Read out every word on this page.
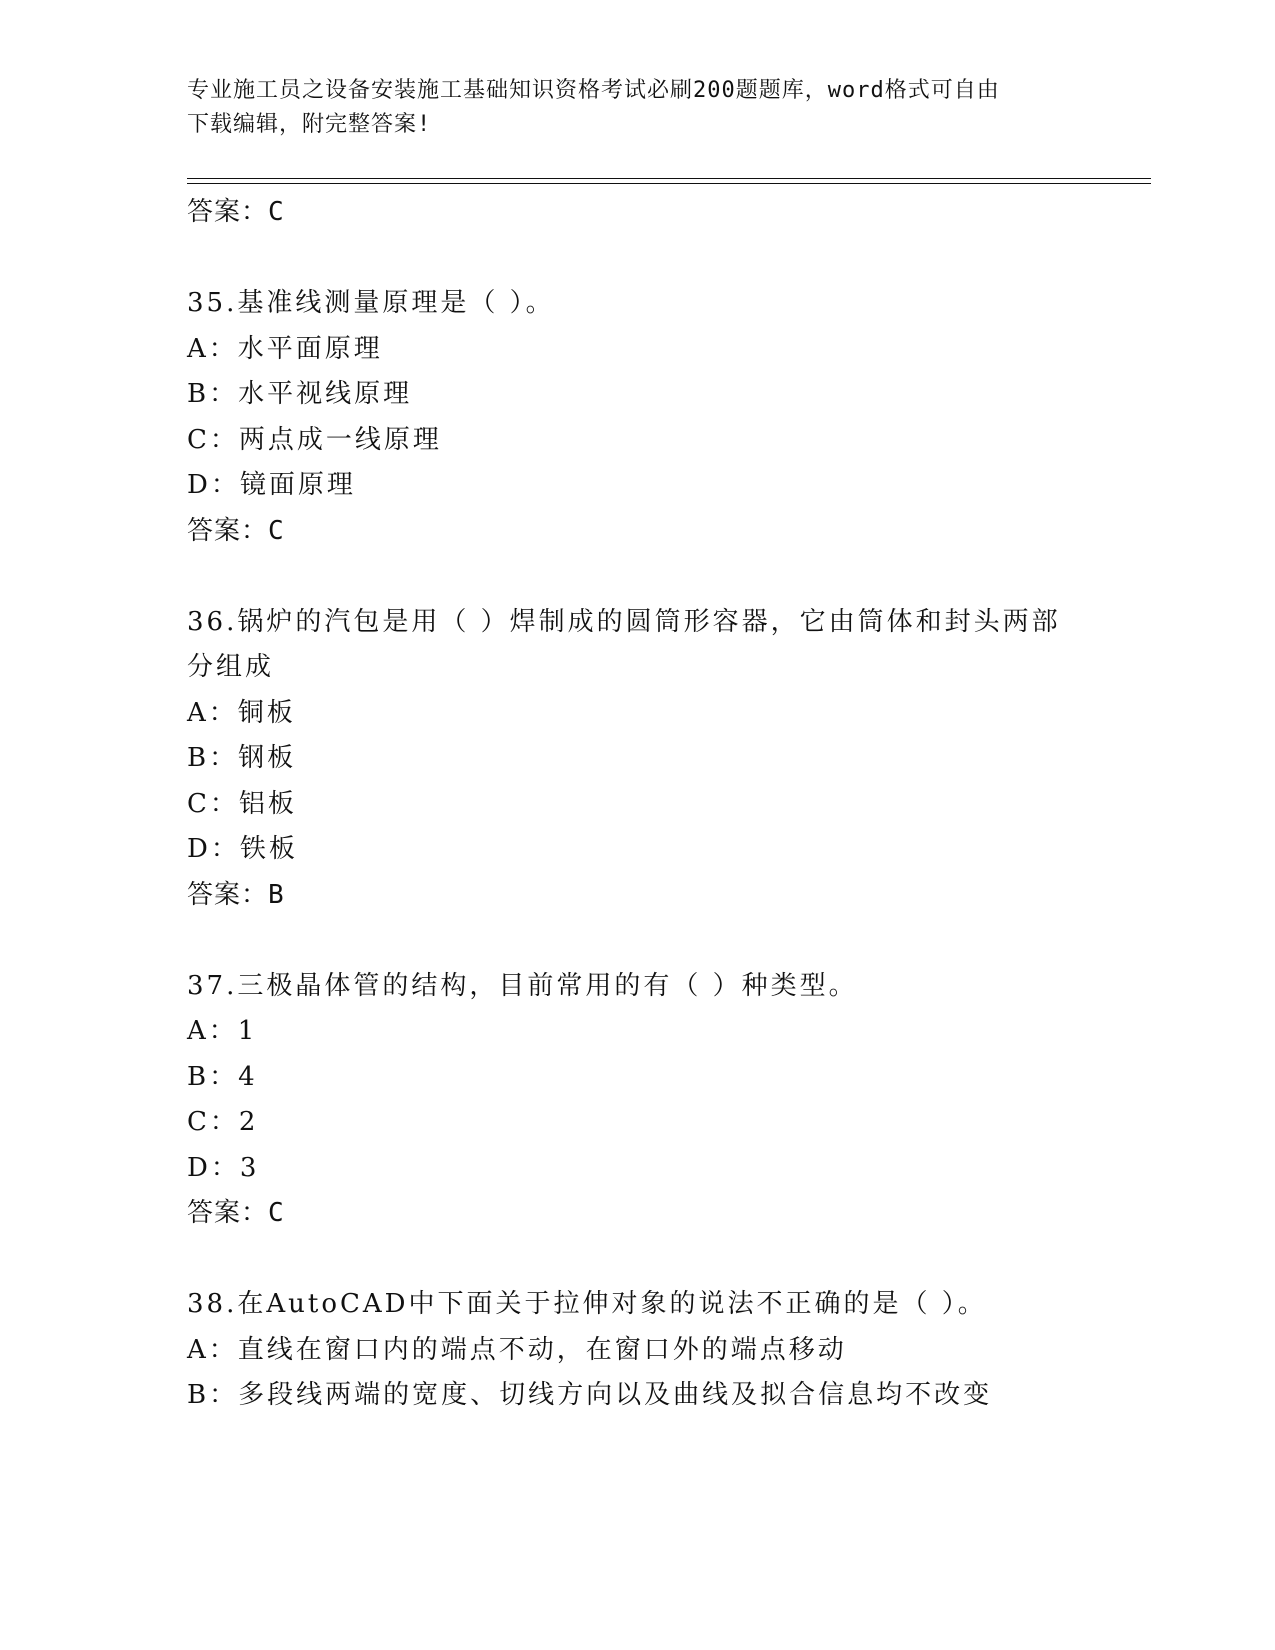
专业施工员之设备安装施工基础知识资格考试必刷200题题库，word格式可自由
下载编辑，附完整答案!
答案：C
35.基准线测量原理是（ ）。
A：水平面原理
B：水平视线原理
C：两点成一线原理
D：镜面原理
答案：C
36.锅炉的汽包是用（ ）焊制成的圆筒形容器，它由筒体和封头两部
分组成
A：铜板
B：钢板
C：铝板
D：铁板
答案：B
37.三极晶体管的结构，目前常用的有（ ）种类型。
A：1
B：4
C：2
D：3
答案：C
38.在AutoCAD中下面关于拉伸对象的说法不正确的是（ ）。
A：直线在窗口内的端点不动，在窗口外的端点移动
B：多段线两端的宽度、切线方向以及曲线及拟合信息均不改变
